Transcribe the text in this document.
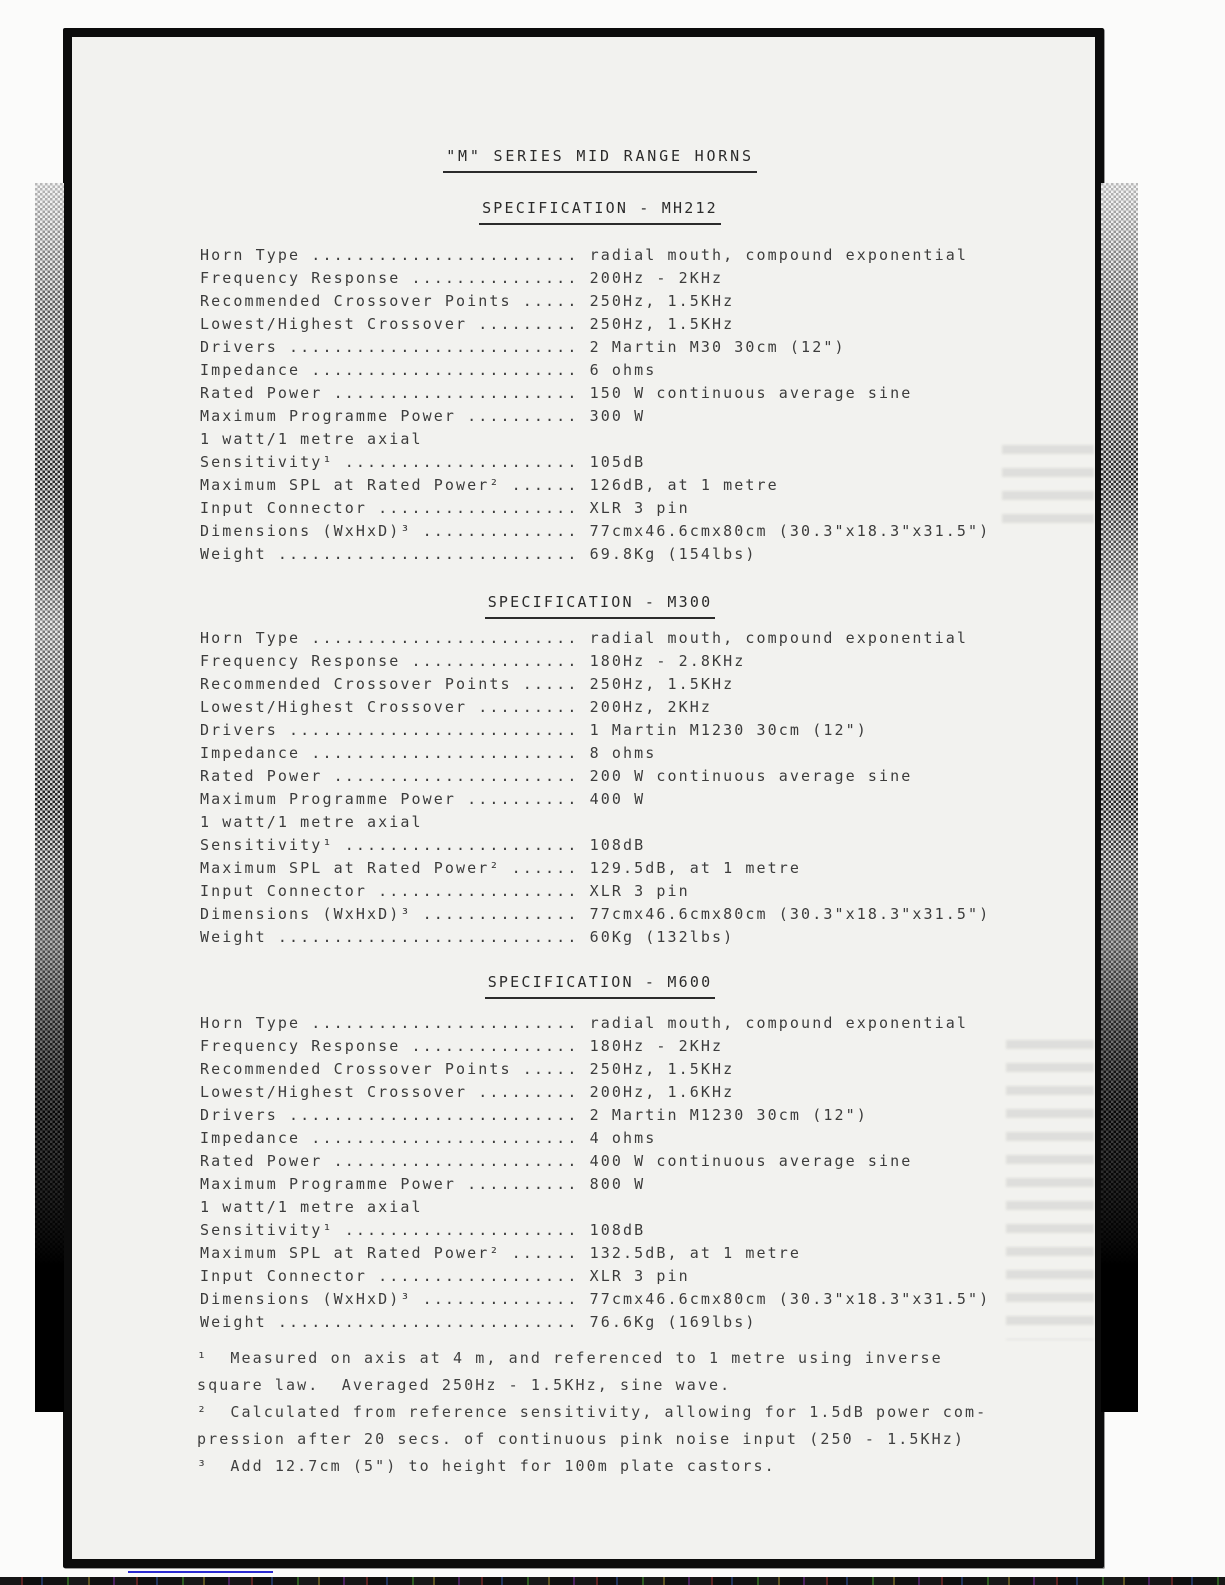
"M" SERIES MID RANGE HORNS
SPECIFICATION - MH212
Horn Type ........................ radial mouth, compound exponential
Frequency Response ............... 200Hz - 2KHz
Recommended Crossover Points ..... 250Hz, 1.5KHz
Lowest/Highest Crossover ......... 250Hz, 1.5KHz
Drivers .......................... 2 Martin M30 30cm (12")
Impedance ........................ 6 ohms
Rated Power ...................... 150 W continuous average sine
Maximum Programme Power .......... 300 W
1 watt/1 metre axial
Sensitivity¹ ..................... 105dB
Maximum SPL at Rated Power² ...... 126dB, at 1 metre
Input Connector .................. XLR 3 pin
Dimensions (WxHxD)³ .............. 77cmx46.6cmx80cm (30.3"x18.3"x31.5")
Weight ........................... 69.8Kg (154lbs)
SPECIFICATION - M300
Horn Type ........................ radial mouth, compound exponential
Frequency Response ............... 180Hz - 2.8KHz
Recommended Crossover Points ..... 250Hz, 1.5KHz
Lowest/Highest Crossover ......... 200Hz, 2KHz
Drivers .......................... 1 Martin M1230 30cm (12")
Impedance ........................ 8 ohms
Rated Power ...................... 200 W continuous average sine
Maximum Programme Power .......... 400 W
1 watt/1 metre axial
Sensitivity¹ ..................... 108dB
Maximum SPL at Rated Power² ...... 129.5dB, at 1 metre
Input Connector .................. XLR 3 pin
Dimensions (WxHxD)³ .............. 77cmx46.6cmx80cm (30.3"x18.3"x31.5")
Weight ........................... 60Kg (132lbs)
SPECIFICATION - M600
Horn Type ........................ radial mouth, compound exponential
Frequency Response ............... 180Hz - 2KHz
Recommended Crossover Points ..... 250Hz, 1.5KHz
Lowest/Highest Crossover ......... 200Hz, 1.6KHz
Drivers .......................... 2 Martin M1230 30cm (12")
Impedance ........................ 4 ohms
Rated Power ...................... 400 W continuous average sine
Maximum Programme Power .......... 800 W
1 watt/1 metre axial
Sensitivity¹ ..................... 108dB
Maximum SPL at Rated Power² ...... 132.5dB, at 1 metre
Input Connector .................. XLR 3 pin
Dimensions (WxHxD)³ .............. 77cmx46.6cmx80cm (30.3"x18.3"x31.5")
Weight ........................... 76.6Kg (169lbs)
¹  Measured on axis at 4 m, and referenced to 1 metre using inverse
square law.  Averaged 250Hz - 1.5KHz, sine wave.
²  Calculated from reference sensitivity, allowing for 1.5dB power com-
pression after 20 secs. of continuous pink noise input (250 - 1.5KHz)
³  Add 12.7cm (5") to height for 100m plate castors.
